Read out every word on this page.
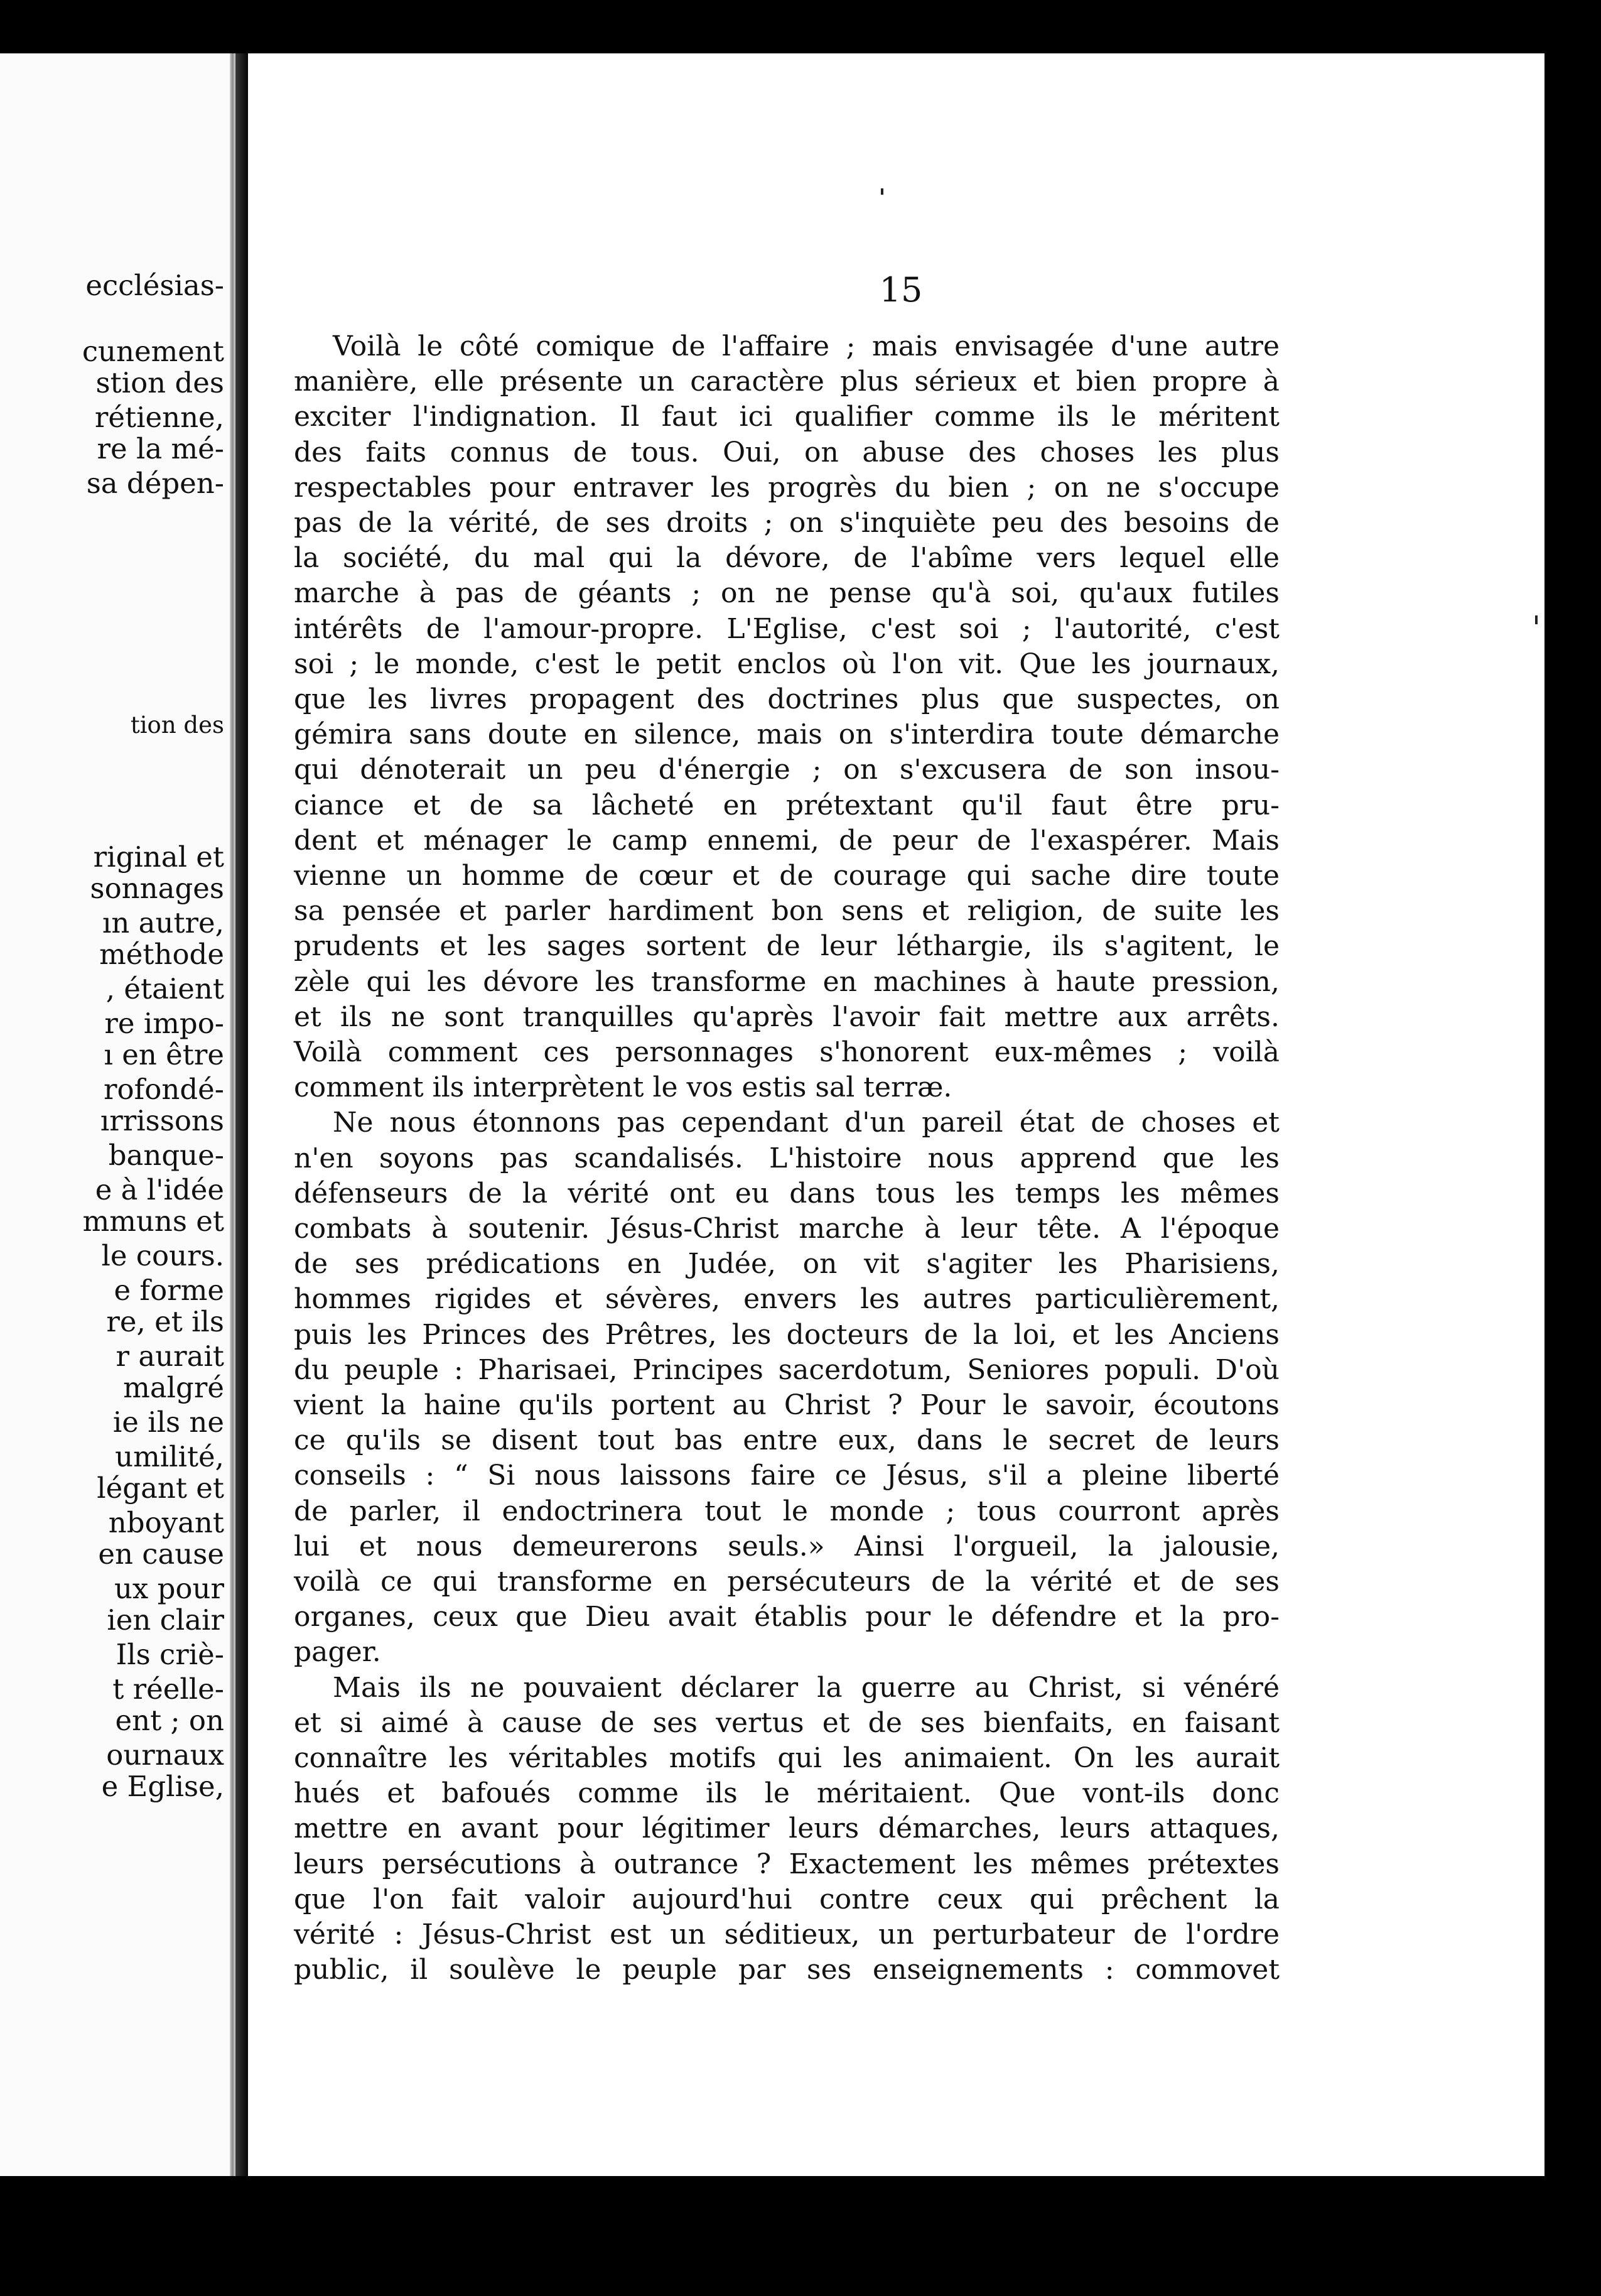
ecclésias-
cunement
stion des
rétienne,
re la mé-
sa dépen-
tion des
riginal et
sonnages
ın autre,
méthode
, étaient
re impo-
ı en être
rofondé-
ırrissons
banque-
e à l'idée
mmuns et
le cours.
e forme
re, et ils
r aurait
malgré
ie ils ne
umilité,
légant et
nboyant
en cause
ux pour
ien clair
Ils criè-
t réelle-
ent ; on
ournaux
e Eglise,
15
Voilà le côté comique de l'affaire ; mais envisagée d'une autre
manière, elle présente un caractère plus sérieux et bien propre à
exciter l'indignation. Il faut ici qualifier comme ils le méritent
des faits connus de tous. Oui, on abuse des choses les plus
respectables pour entraver les progrès du bien ; on ne s'occupe
pas de la vérité, de ses droits ; on s'inquiète peu des besoins de
la société, du mal qui la dévore, de l'abîme vers lequel elle
marche à pas de géants ; on ne pense qu'à soi, qu'aux futiles
intérêts de l'amour-propre. L'Eglise, c'est soi ; l'autorité, c'est
soi ; le monde, c'est le petit enclos où l'on vit. Que les journaux,
que les livres propagent des doctrines plus que suspectes, on
gémira sans doute en silence, mais on s'interdira toute démarche
qui dénoterait un peu d'énergie ; on s'excusera de son insou-
ciance et de sa lâcheté en prétextant qu'il faut être pru-
dent et ménager le camp ennemi, de peur de l'exaspérer. Mais
vienne un homme de cœur et de courage qui sache dire toute
sa pensée et parler hardiment bon sens et religion, de suite les
prudents et les sages sortent de leur léthargie, ils s'agitent, le
zèle qui les dévore les transforme en machines à haute pression,
et ils ne sont tranquilles qu'après l'avoir fait mettre aux arrêts.
Voilà comment ces personnages s'honorent eux-mêmes ; voilà
comment ils interprètent le vos estis sal terræ.
Ne nous étonnons pas cependant d'un pareil état de choses et
n'en soyons pas scandalisés. L'histoire nous apprend que les
défenseurs de la vérité ont eu dans tous les temps les mêmes
combats à soutenir. Jésus-Christ marche à leur tête. A l'époque
de ses prédications en Judée, on vit s'agiter les Pharisiens,
hommes rigides et sévères, envers les autres particulièrement,
puis les Princes des Prêtres, les docteurs de la loi, et les Anciens
du peuple : Pharisaei, Principes sacerdotum, Seniores populi. D'où
vient la haine qu'ils portent au Christ ? Pour le savoir, écoutons
ce qu'ils se disent tout bas entre eux, dans le secret de leurs
conseils : “ Si nous laissons faire ce Jésus, s'il a pleine liberté
de parler, il endoctrinera tout le monde ; tous courront après
lui et nous demeurerons seuls.» Ainsi l'orgueil, la jalousie,
voilà ce qui transforme en persécuteurs de la vérité et de ses
organes, ceux que Dieu avait établis pour le défendre et la pro-
pager.
Mais ils ne pouvaient déclarer la guerre au Christ, si vénéré
et si aimé à cause de ses vertus et de ses bienfaits, en faisant
connaître les véritables motifs qui les animaient. On les aurait
hués et bafoués comme ils le méritaient. Que vont-ils donc
mettre en avant pour légitimer leurs démarches, leurs attaques,
leurs persécutions à outrance ? Exactement les mêmes prétextes
que l'on fait valoir aujourd'hui contre ceux qui prêchent la
vérité : Jésus-Christ est un séditieux, un perturbateur de l'ordre
public, il soulève le peuple par ses enseignements : commovet
